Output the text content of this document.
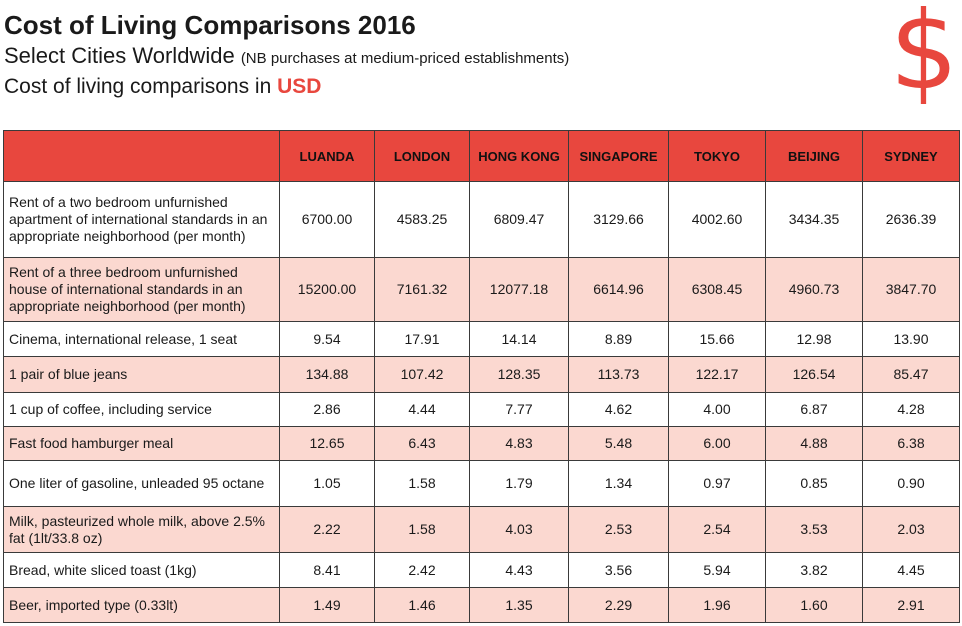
Cost of Living Comparisons 2016

Select Cities Worldwide (NB purchases at medium-priced establishments)

Cost of living comparisons in USD	$
	LUANDA	LONDON	HONG KONG	SINGAPORE	TOKYO	BEIJING	SYDNEY
Rent of a two bedroom unfurnished apartment of international standards in an appropriate neighborhood (per month)	6700.00	4583.25	6809.47	3129.66	4002.60	3434.35	2636.39
Rent of a three bedroom unfurnished house of international standards in an appropriate neighborhood (per month)	15200.00	7161.32	12077.18	6614.96	6308.45	4960.73	3847.70
Cinema, international release, 1 seat	9.54	17.91	14.14	8.89	15.66	12.98	13.90
1 pair of blue jeans	134.88	107.42	128.35	113.73	122.17	126.54	85.47
1 cup of coffee, including service	2.86	4.44	7.77	4.62	4.00	6.87	4.28
Fast food hamburger meal	12.65	6.43	4.83	5.48	6.00	4.88	6.38
One liter of gasoline, unleaded 95 octane	1.05	1.58	1.79	1.34	0.97	0.85	0.90
Milk, pasteurized whole milk, above 2.5% fat (1lt/33.8 oz)	2.22	1.58	4.03	2.53	2.54	3.53	2.03
Bread, white sliced toast (1kg)	8.41	2.42	4.43	3.56	5.94	3.82	4.45
Beer, imported type (0.33lt)	1.49	1.46	1.35	2.29	1.96	1.60	2.91
